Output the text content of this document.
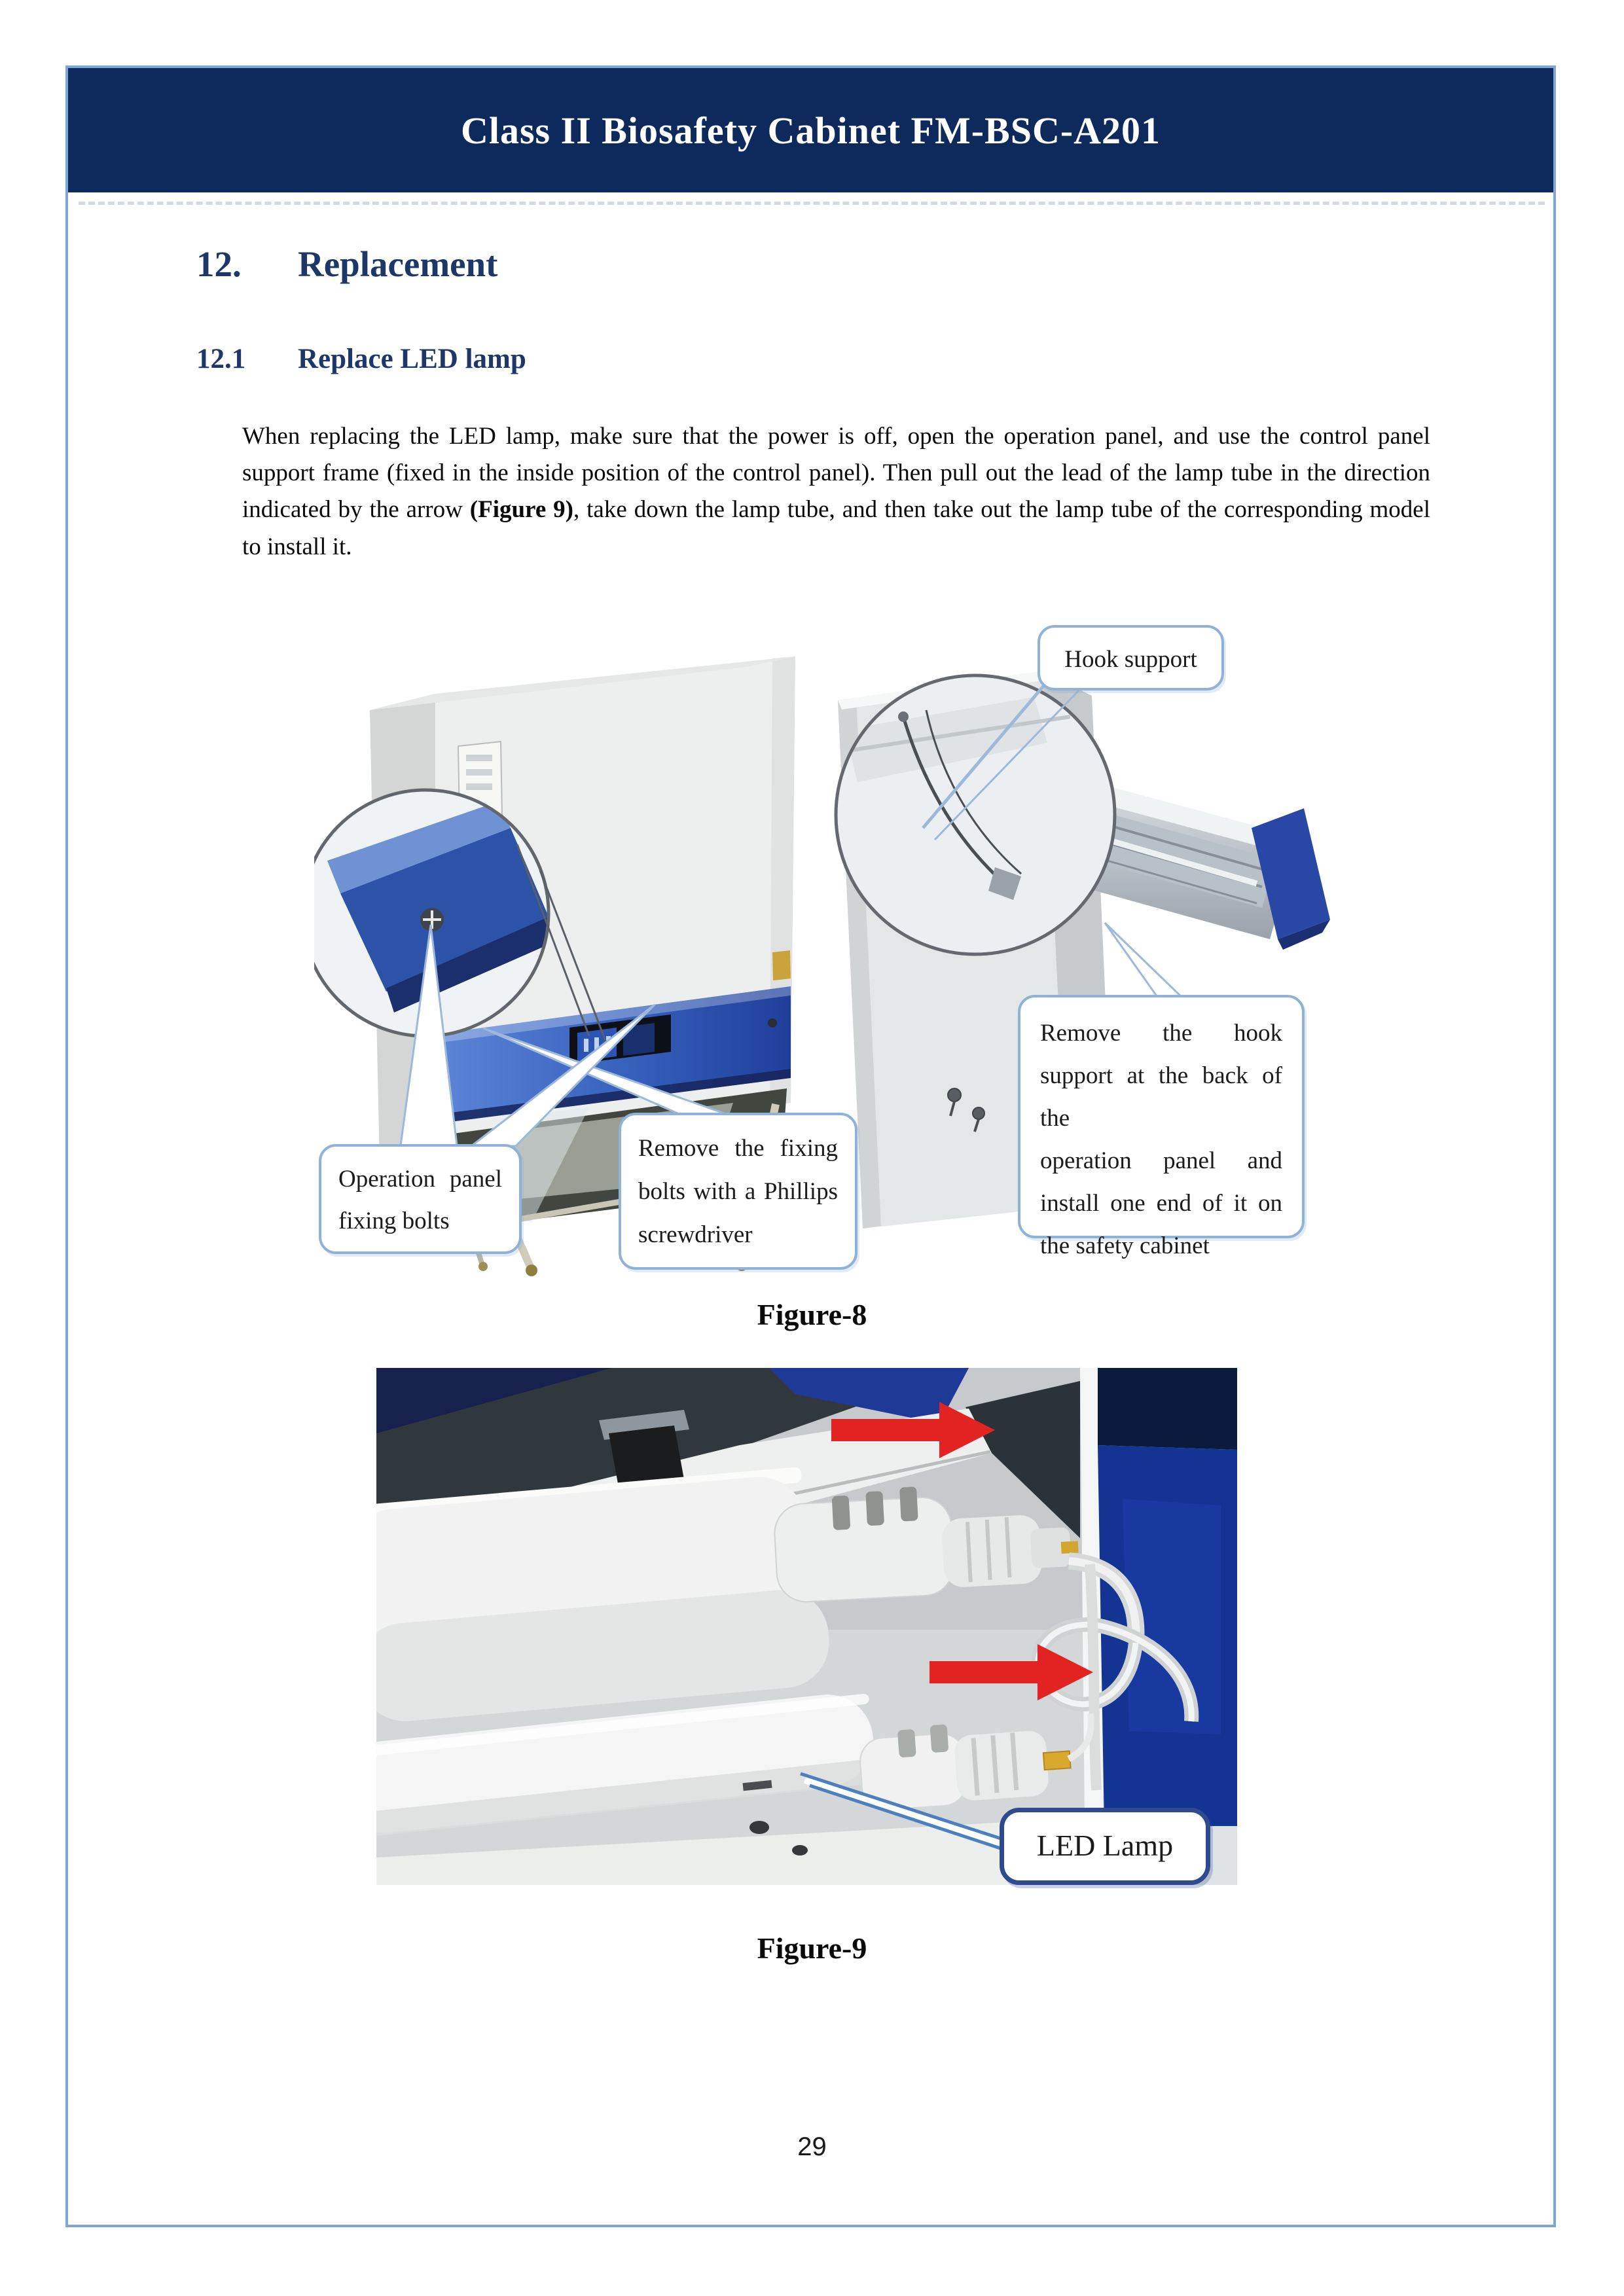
Class II Biosafety Cabinet FM-BSC-A201
12.	Replacement
12.1	Replace LED lamp

When replacing the LED lamp, make sure that the power is off, open the operation panel, and use the control panel support frame (fixed in the inside position of the control panel). Then pull out the lead of the lamp tube in the direction indicated by the arrow (Figure 9), take down the lamp tube, and then take out the lamp tube of the corresponding model to install it.

Hook support
Operation panel
fixing bolts
Remove the fixing
bolts with a Phillips
screwdriver
Remove the hook
support at the back of the
operation panel and
install one end of it on
the safety cabinet
Figure-8
LED Lamp
Figure-9
29
